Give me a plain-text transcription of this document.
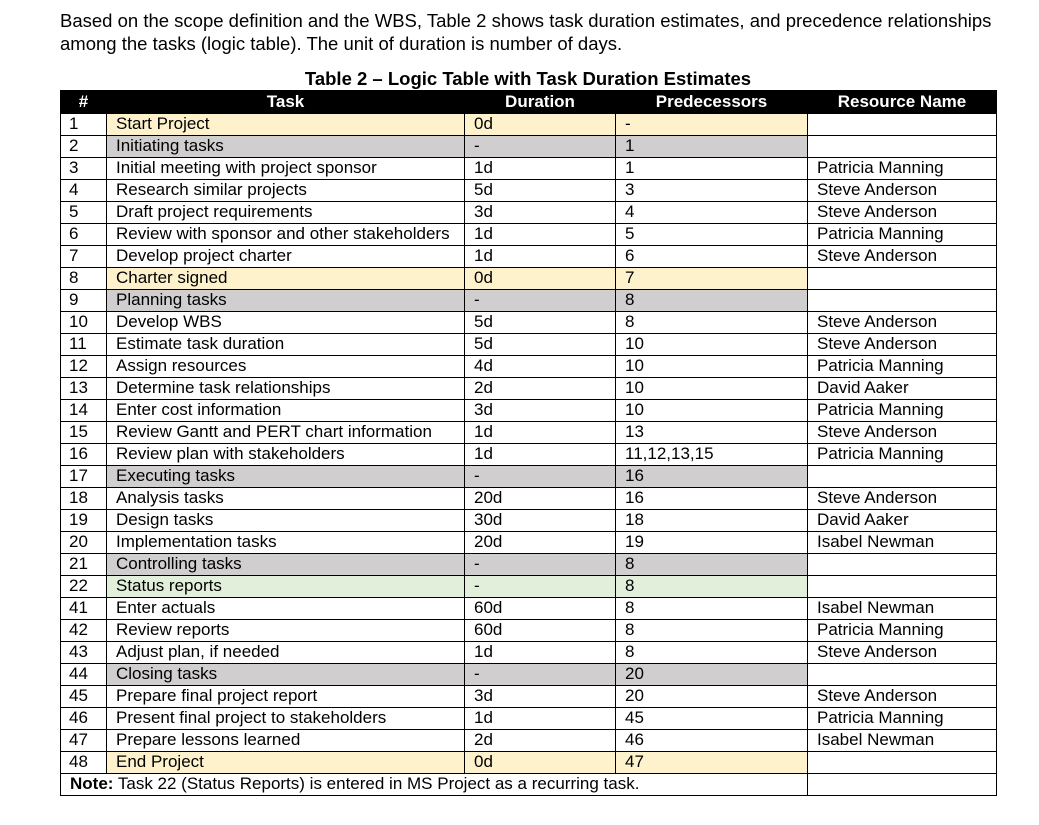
Based on the scope definition and the WBS, Table 2 shows task duration estimates, and precedence relationships among the tasks (logic table). The unit of duration is number of days.

Table 2 – Logic Table with Task Duration Estimates

#	Task	Duration	Predecessors	Resource Name
1	Start Project	0d	-	
2	Initiating tasks	-	1	
3	Initial meeting with project sponsor	1d	1	Patricia Manning
4	Research similar projects	5d	3	Steve Anderson
5	Draft project requirements	3d	4	Steve Anderson
6	Review with sponsor and other stakeholders	1d	5	Patricia Manning
7	Develop project charter	1d	6	Steve Anderson
8	Charter signed	0d	7	
9	Planning tasks	-	8	
10	Develop WBS	5d	8	Steve Anderson
11	Estimate task duration	5d	10	Steve Anderson
12	Assign resources	4d	10	Patricia Manning
13	Determine task relationships	2d	10	David Aaker
14	Enter cost information	3d	10	Patricia Manning
15	Review Gantt and PERT chart information	1d	13	Steve Anderson
16	Review plan with stakeholders	1d	11,12,13,15	Patricia Manning
17	Executing tasks	-	16	
18	Analysis tasks	20d	16	Steve Anderson
19	Design tasks	30d	18	David Aaker
20	Implementation tasks	20d	19	Isabel Newman
21	Controlling tasks	-	8	
22	Status reports	-	8	
41	Enter actuals	60d	8	Isabel Newman
42	Review reports	60d	8	Patricia Manning
43	Adjust plan, if needed	1d	8	Steve Anderson
44	Closing tasks	-	20	
45	Prepare final project report	3d	20	Steve Anderson
46	Present final project to stakeholders	1d	45	Patricia Manning
47	Prepare lessons learned	2d	46	Isabel Newman
48	End Project	0d	47	
Note: Task 22 (Status Reports) is entered in MS Project as a recurring task.				
